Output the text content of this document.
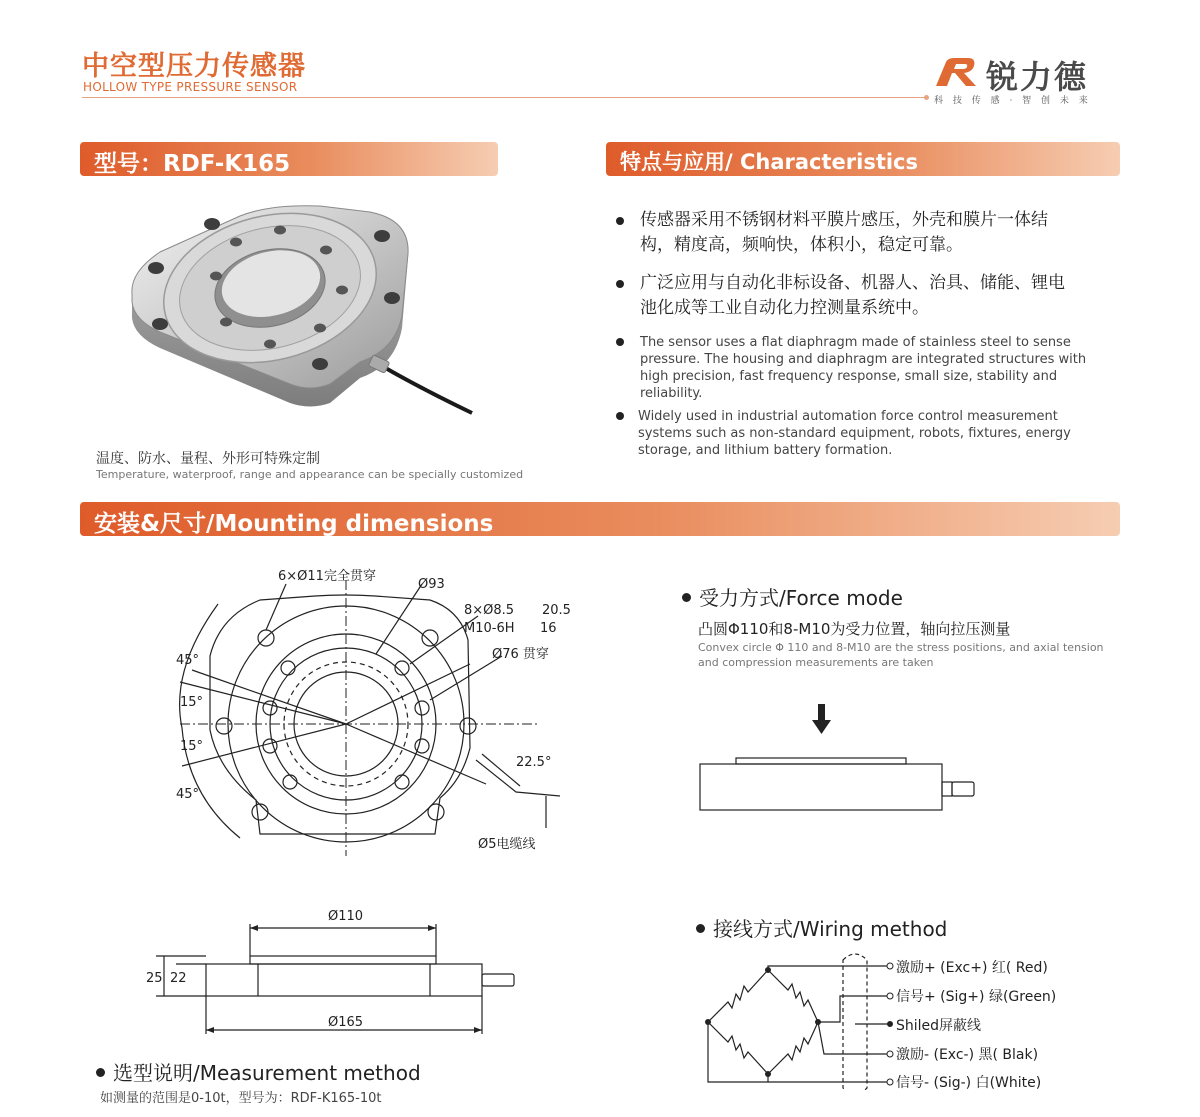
中空型压力传感器
HOLLOW TYPE PRESSURE SENSOR	锐力德
科 技 传 感 · 智 创 未 来
型号：RDF-K165	特点与应用/ Characteristics
安装&尺寸/Mounting dimensions
温度、防水、量程、外形可特殊定制
Temperature, waterproof, range and appearance can be specially customized

传感器采用不锈钢材料平膜片感压，外壳和膜片一体结构，精度高，频响快，体积小，稳定可靠。

广泛应用与自动化非标设备、机器人、治具、储能、锂电池化成等工业自动化力控测量系统中。

The sensor uses a flat diaphragm made of stainless steel to sense pressure. The housing and diaphragm are integrated structures with high precision, fast frequency response, small size, stability and reliability.

Widely used in industrial automation force control measurement systems such as non-standard equipment, robots, fixtures, energy storage, and lithium battery formation.

6×Ø11完全贯穿
Ø93
8×Ø8.5 20.5
M10-6H 16
Ø76 贯穿
45°
15°
15°
45°
22.5°
Ø5电缆线
Ø110
Ø165
25 22
受力方式/Force mode
凸圆Φ110和8-M10为受力位置，轴向拉压测量
Convex circle Φ 110 and 8-M10 are the stress positions, and axial tension and compression measurements are taken
接线方式/Wiring method
激励+ (Exc+) 红( Red)
信号+ (Sig+) 绿(Green)
Shiled屏蔽线
激励- (Exc-) 黑( Blak)
信号- (Sig-) 白(White)
选型说明/Measurement method
如测量的范围是0-10t，型号为：RDF-K165-10t
